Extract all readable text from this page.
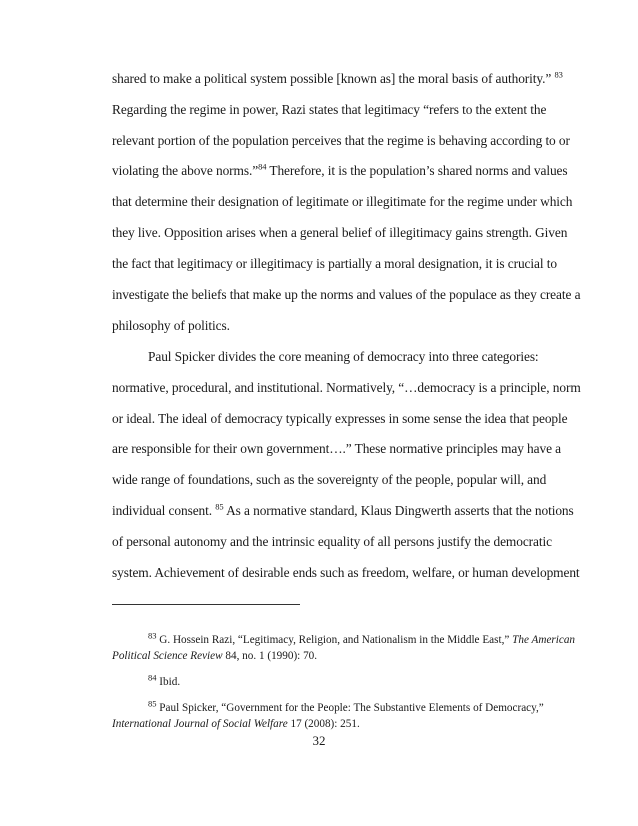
shared to make a political system possible [known as] the moral basis of authority.” $^{83}$
Regarding the regime in power, Razi states that legitimacy “refers to the extent the
relevant portion of the population perceives that the regime is behaving according to or
violating the above norms.”$^{84}$ Therefore, it is the population’s shared norms and values
that determine their designation of legitimate or illegitimate for the regime under which
they live. Opposition arises when a general belief of illegitimacy gains strength. Given
the fact that legitimacy or illegitimacy is partially a moral designation, it is crucial to
investigate the beliefs that make up the norms and values of the populace as they create a
philosophy of politics.
Paul Spicker divides the core meaning of democracy into three categories:
normative, procedural, and institutional. Normatively, “…democracy is a principle, norm
or ideal. The ideal of democracy typically expresses in some sense the idea that people
are responsible for their own government….” These normative principles may have a
wide range of foundations, such as the sovereignty of the people, popular will, and
individual consent. $^{85}$ As a normative standard, Klaus Dingwerth asserts that the notions
of personal autonomy and the intrinsic equality of all persons justify the democratic
system. Achievement of desirable ends such as freedom, welfare, or human development
$^{83}$ G. Hossein Razi, “Legitimacy, Religion, and Nationalism in the Middle East,” The American
Political Science Review 84, no. 1 (1990): 70.
$^{84}$ Ibid.
$^{85}$ Paul Spicker, “Government for the People: The Substantive Elements of Democracy,”
International Journal of Social Welfare 17 (2008): 251.
32
